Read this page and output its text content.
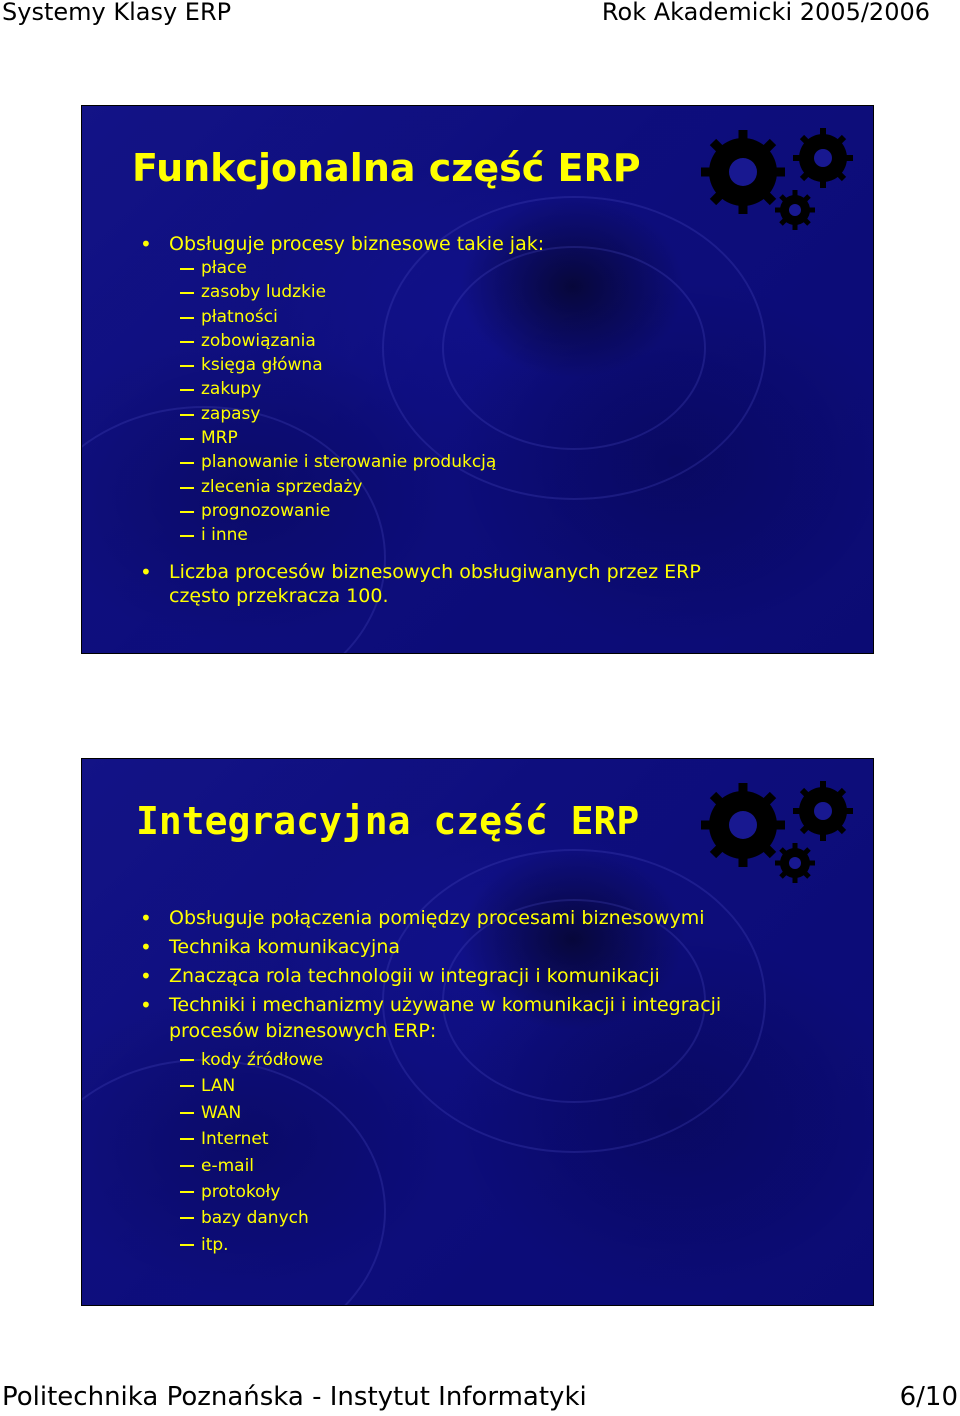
Systemy Klasy ERP	Rok Akademicki 2005/2006
Funkcjonalna część ERP
• Obsługuje procesy biznesowe takie jak:
płace
zasoby ludzkie
płatności
zobowiązania
księga główna
zakupy
zapasy
MRP
planowanie i sterowanie produkcją
zlecenia sprzedaży
prognozowanie
i inne
• Liczba procesów biznesowych obsługiwanych przez ERP
często przekracza 100.
Integracyjna część ERP
• Obsługuje połączenia pomiędzy procesami biznesowymi
• Technika komunikacyjna
• Znacząca rola technologii w integracji i komunikacji
• Techniki i mechanizmy używane w komunikacji i integracji
procesów biznesowych ERP:
kody źródłowe
LAN
WAN
Internet
e-mail
protokoły
bazy danych
itp.
Politechnika Poznańska - Instytut Informatyki	6/10
